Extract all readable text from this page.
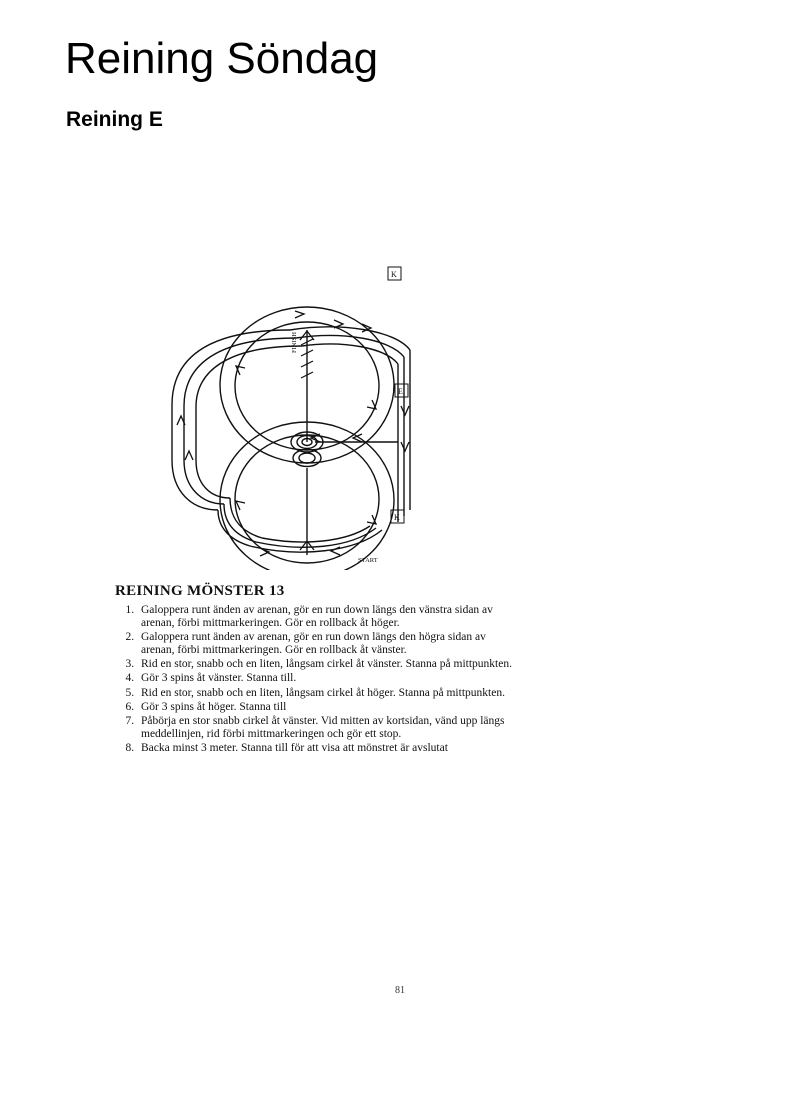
Reining Söndag
Reining E
FINISH
START
K
E
K
REINING MÖNSTER 13
1. Galoppera runt änden av arenan, gör en run down längs den vänstra sidan av arenan, förbi mittmarkeringen. Gör en rollback åt höger.
2. Galoppera runt änden av arenan, gör en run down längs den högra sidan av arenan, förbi mittmarkeringen. Gör en rollback åt vänster.
3. Rid en stor, snabb och en liten, långsam cirkel åt vänster. Stanna på mittpunkten.
4. Gör 3 spins åt vänster. Stanna till.
5. Rid en stor, snabb och en liten, långsam cirkel åt höger. Stanna på mittpunkten.
6. Gör 3 spins åt höger. Stanna till
7. Påbörja en stor snabb cirkel åt vänster. Vid mitten av kortsidan, vänd upp längs meddellinjen, rid förbi mittmarkeringen och gör ett stop.
8. Backa minst 3 meter. Stanna till för att visa att mönstret är avslutat
81
